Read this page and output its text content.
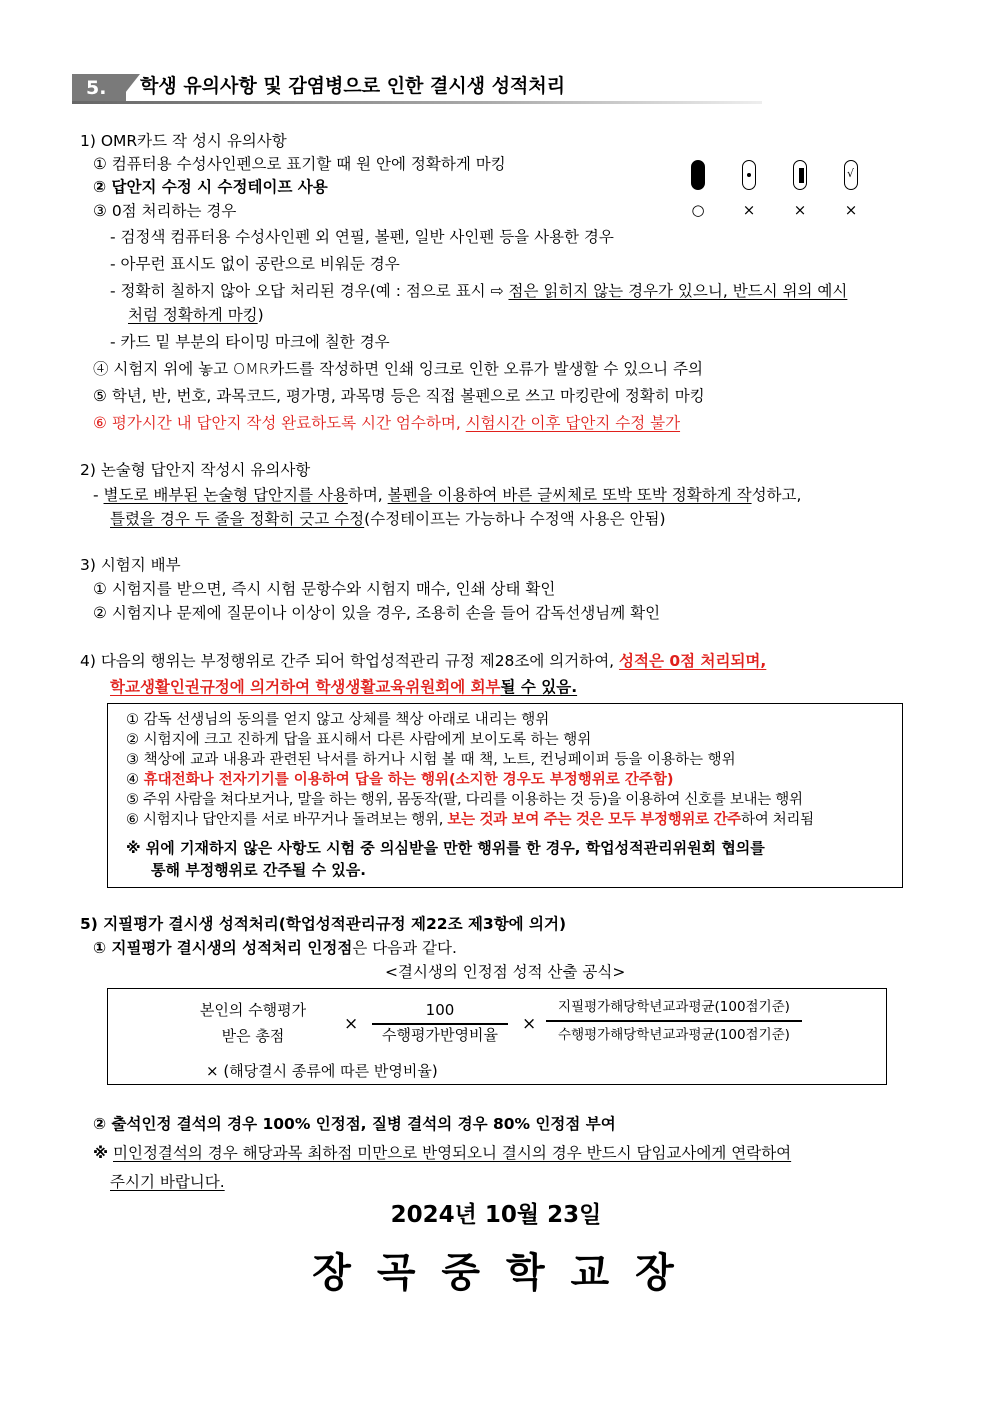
5.	학생 유의사항 및 감염병으로 인한 결시생 성적처리
1) OMR카드 작 성시 유의사항
① 컴퓨터용 수성사인펜으로 표기할 때 원 안에 정확하게 마킹
② 답안지 수정 시 수정테이프 사용
③ 0점 처리하는 경우
- 검정색 컴퓨터용 수성사인펜 외 연필, 볼펜, 일반 사인펜 등을 사용한 경우
- 아무런 표시도 없이 공란으로 비워둔 경우
- 정확히 칠하지 않아 오답 처리된 경우(예 : 점으로 표시 ⇨ 점은 읽히지 않는 경우가 있으니, 반드시 위의 예시
처럼 정확하게 마킹)
- 카드 밑 부분의 타이밍 마크에 칠한 경우
④ 시험지 위에 놓고 OMR카드를 작성하면 인쇄 잉크로 인한 오류가 발생할 수 있으니 주의
⑤ 학년, 반, 번호, 과목코드, 평가명, 과목명 등은 직접 볼펜으로 쓰고 마킹란에 정확히 마킹
⑥ 평가시간 내 답안지 작성 완료하도록 시간 엄수하며, 시험시간 이후 답안지 수정 불가
√
○	×	×	×
2) 논술형 답안지 작성시 유의사항
- 별도로 배부된 논술형 답안지를 사용하며, 볼펜을 이용하여 바른 글씨체로 또박 또박 정확하게 작성하고,
틀렸을 경우 두 줄을 정확히 긋고 수정(수정테이프는 가능하나 수정액 사용은 안됨)
3) 시험지 배부
① 시험지를 받으면, 즉시 시험 문항수와 시험지 매수, 인쇄 상태 확인
② 시험지나 문제에 질문이나 이상이 있을 경우, 조용히 손을 들어 감독선생님께 확인
4) 다음의 행위는 부정행위로 간주 되어 학업성적관리 규정 제28조에 의거하여, 성적은 0점 처리되며,
학교생활인권규정에 의거하여 학생생활교육위원회에 회부될 수 있음.
① 감독 선생님의 동의를 얻지 않고 상체를 책상 아래로 내리는 행위
② 시험지에 크고 진하게 답을 표시해서 다른 사람에게 보이도록 하는 행위
③ 책상에 교과 내용과 관련된 낙서를 하거나 시험 볼 때 책, 노트, 컨닝페이퍼 등을 이용하는 행위
④ 휴대전화나 전자기기를 이용하여 답을 하는 행위(소지한 경우도 부정행위로 간주함)
⑤ 주위 사람을 쳐다보거나, 말을 하는 행위, 몸동작(팔, 다리를 이용하는 것 등)을 이용하여 신호를 보내는 행위
⑥ 시험지나 답안지를 서로 바꾸거나 돌려보는 행위, 보는 것과 보여 주는 것은 모두 부정행위로 간주하여 처리됨
※ 위에 기재하지 않은 사항도 시험 중 의심받을 만한 행위를 한 경우, 학업성적관리위원회 협의를
통해 부정행위로 간주될 수 있음.
5) 지필평가 결시생 성적처리(학업성적관리규정 제22조 제3항에 의거)
① 지필평가 결시생의 성적처리 인정점은 다음과 같다.
<결시생의 인정점 성적 산출 공식>
본인의 수행평가
받은 총점
×
100
수행평가반영비율
×
지필평가해당학년교과평균(100점기준)
수행평가해당학년교과평균(100점기준)
× (해당결시 종류에 따른 반영비율)
② 출석인정 결석의 경우 100% 인정점, 질병 결석의 경우 80% 인정점 부여
※ 미인정결석의 경우 해당과목 최하점 미만으로 반영되오니 결시의 경우 반드시 담임교사에게 연락하여
주시기 바랍니다.
2024년 10월 23일
장 곡 중 학 교 장
